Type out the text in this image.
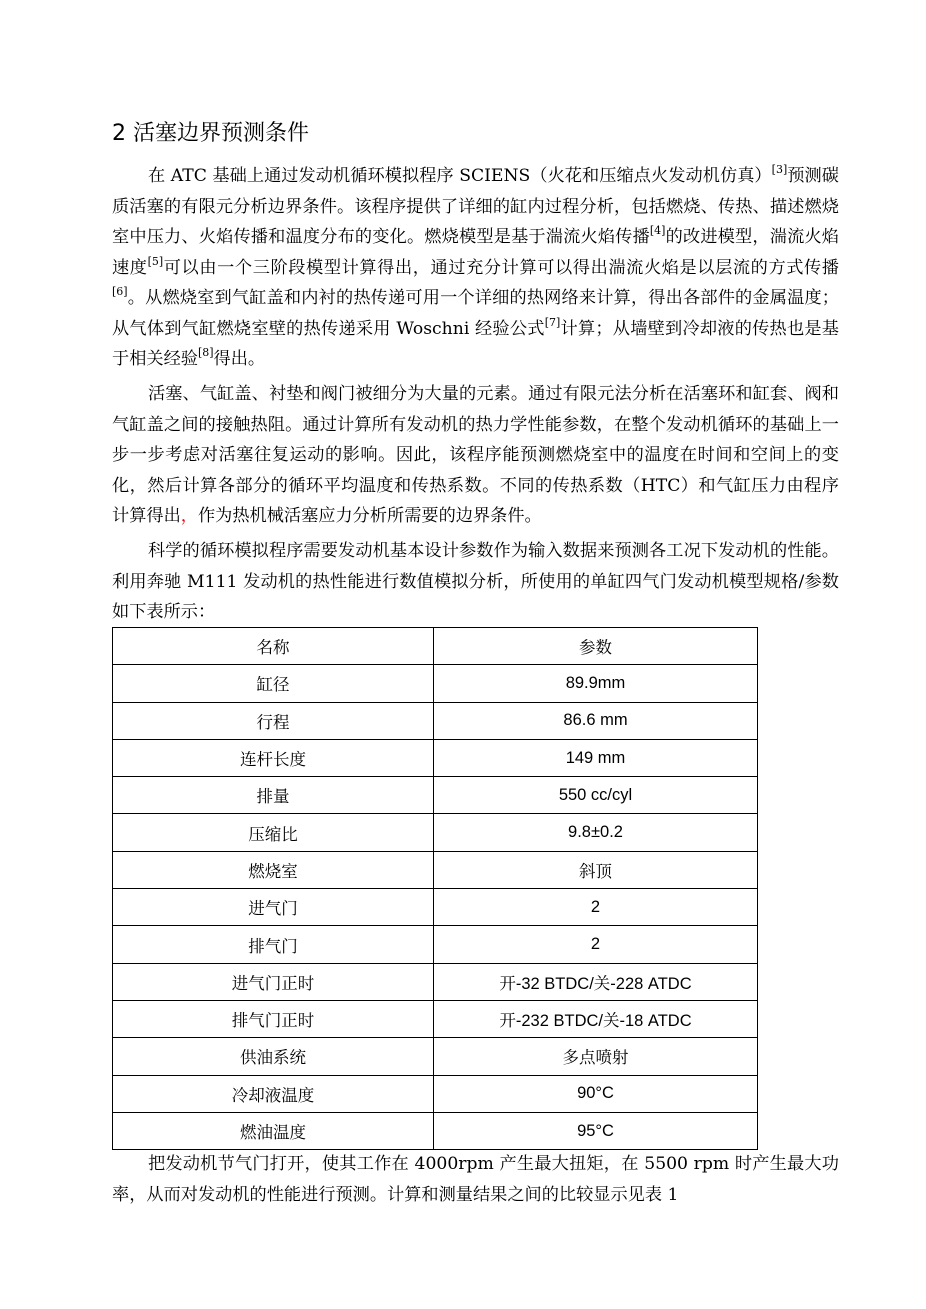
2 活塞边界预测条件

在 ATC 基础上通过发动机循环模拟程序 SCIENS（火花和压缩点火发动机仿真）[3]预测碳质活塞的有限元分析边界条件。该程序提供了详细的缸内过程分析，包括燃烧、传热、描述燃烧室中压力、火焰传播和温度分布的变化。燃烧模型是基于湍流火焰传播[4]的改进模型，湍流火焰速度[5]可以由一个三阶段模型计算得出，通过充分计算可以得出湍流火焰是以层流的方式传播[6]。从燃烧室到气缸盖和内衬的热传递可用一个详细的热网络来计算，得出各部件的金属温度；从气体到气缸燃烧室壁的热传递采用 Woschni 经验公式[7]计算；从墙壁到冷却液的传热也是基于相关经验[8]得出。

活塞、气缸盖、衬垫和阀门被细分为大量的元素。通过有限元法分析在活塞环和缸套、阀和气缸盖之间的接触热阻。通过计算所有发动机的热力学性能参数，在整个发动机循环的基础上一步一步考虑对活塞往复运动的影响。因此，该程序能预测燃烧室中的温度在时间和空间上的变化，然后计算各部分的循环平均温度和传热系数。不同的传热系数（HTC）和气缸压力由程序计算得出，作为热机械活塞应力分析所需要的边界条件。

科学的循环模拟程序需要发动机基本设计参数作为输入数据来预测各工况下发动机的性能。利用奔驰 M111 发动机的热性能进行数值模拟分析，所使用的单缸四气门发动机模型规格/参数如下表所示：

名称	参数
缸径	89.9mm
行程	86.6 mm
连杆长度	149 mm
排量	550 cc/cyl
压缩比	9.8±0.2
燃烧室	斜顶
进气门	2
排气门	2
进气门正时	开-32 BTDC/关-228 ATDC
排气门正时	开-232 BTDC/关-18 ATDC
供油系统	多点喷射
冷却液温度	90°C
燃油温度	95°C

把发动机节气门打开，使其工作在 4000rpm 产生最大扭矩，在 5500 rpm 时产生最大功率，从而对发动机的性能进行预测。计算和测量结果之间的比较显示见表 1
